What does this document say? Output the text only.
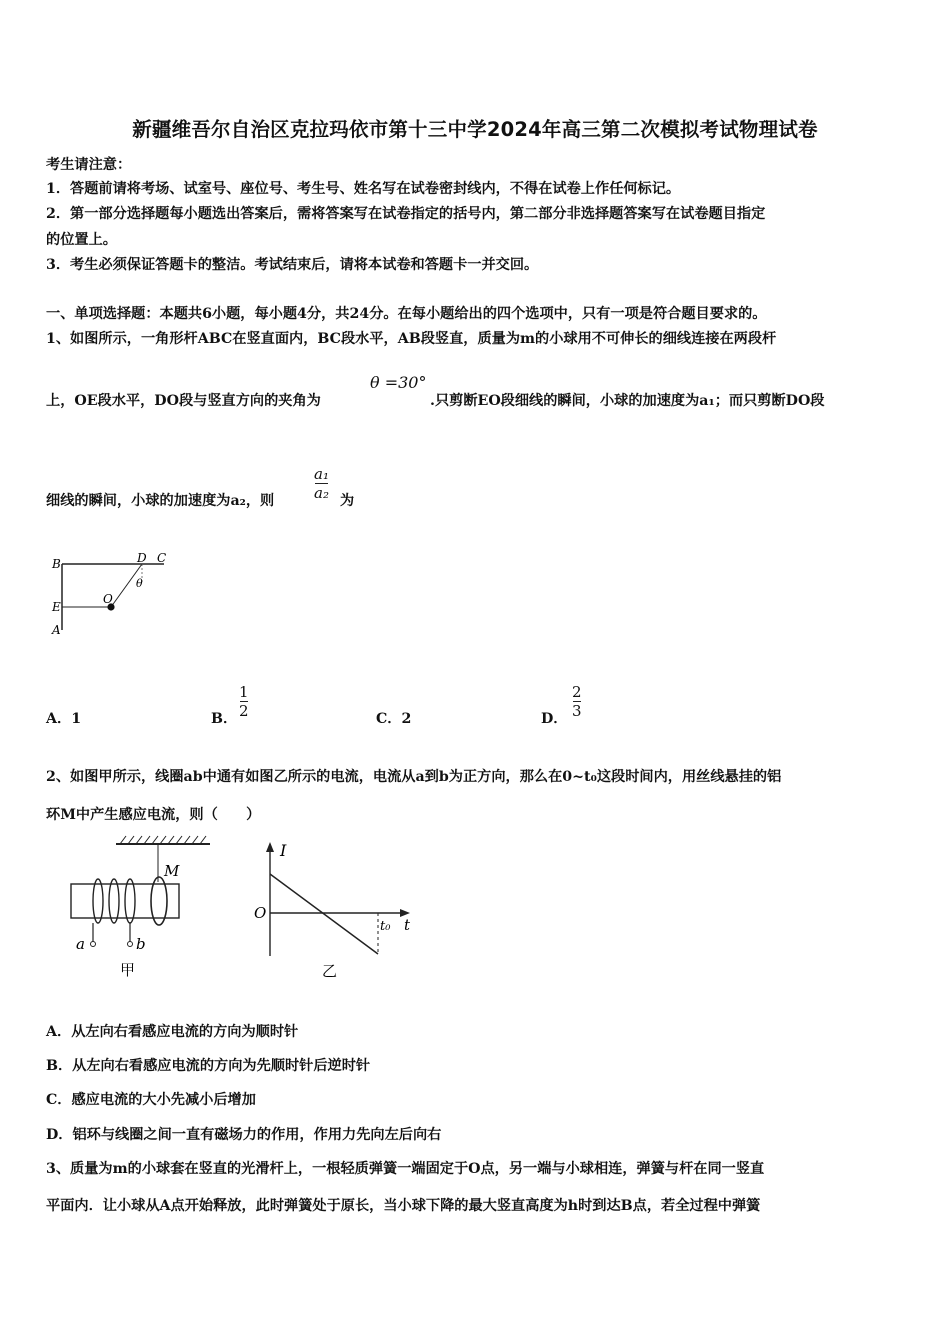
新疆维吾尔自治区克拉玛依市第十三中学2024年高三第二次模拟考试物理试卷
考生请注意：
1．答题前请将考场、试室号、座位号、考生号、姓名写在试卷密封线内，不得在试卷上作任何标记。
2．第一部分选择题每小题选出答案后，需将答案写在试卷指定的括号内，第二部分非选择题答案写在试卷题目指定
的位置上。
3．考生必须保证答题卡的整洁。考试结束后，请将本试卷和答题卡一并交回。
一、单项选择题：本题共6小题，每小题4分，共24分。在每小题给出的四个选项中，只有一项是符合题目要求的。
1、如图所示，一角形杆ABC在竖直面内，BC段水平，AB段竖直，质量为m的小球用不可伸长的细线连接在两段杆
上，OE段水平，DO段与竖直方向的夹角为
θ =30°
.只剪断EO段细线的瞬间，小球的加速度为a₁；而只剪断DO段
细线的瞬间，小球的加速度为a₂，则
a₁
a₂ 为
B	D C
θ
O
E
A
A．1	B．
1
2	C．2	D．
2
3
2、如图甲所示，线圈ab中通有如图乙所示的电流，电流从a到b为正方向，那么在0~t₀这段时间内，用丝线悬挂的铝
环M中产生感应电流，则（　　）
M
a	b
甲
I
O
t₀ t
乙
A．从左向右看感应电流的方向为顺时针
B．从左向右看感应电流的方向为先顺时针后逆时针
C．感应电流的大小先减小后增加
D．铝环与线圈之间一直有磁场力的作用，作用力先向左后向右
3、质量为m的小球套在竖直的光滑杆上，一根轻质弹簧一端固定于O点，另一端与小球相连，弹簧与杆在同一竖直
平面内．让小球从A点开始释放，此时弹簧处于原长，当小球下降的最大竖直高度为h时到达B点，若全过程中弹簧
